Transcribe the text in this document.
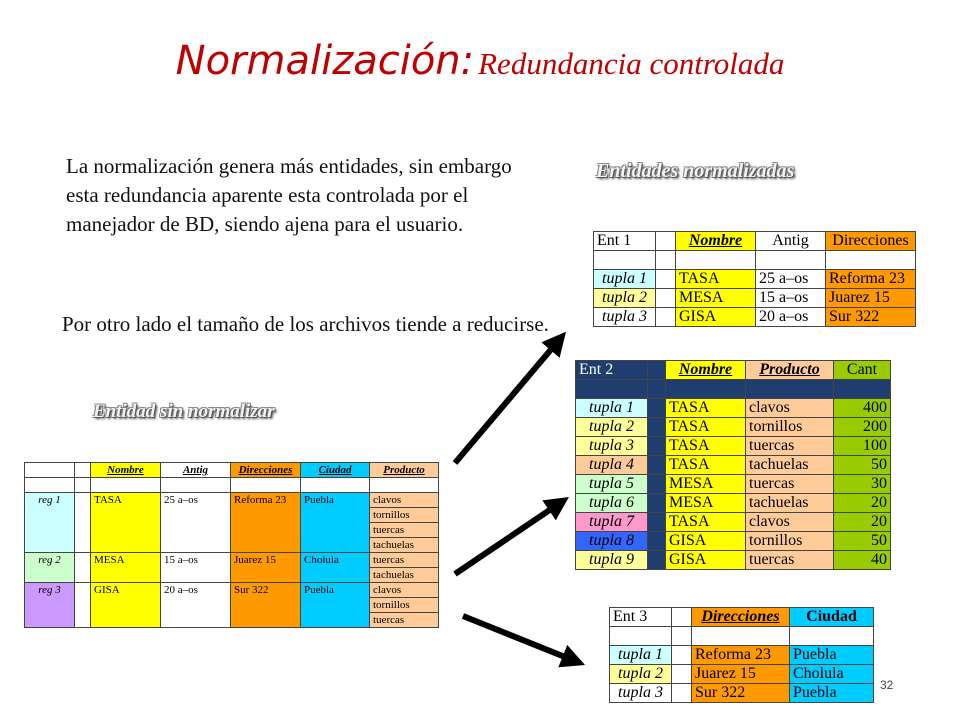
Normalización: Redundancia controlada
La normalización genera más entidades, sin embargo esta redundancia aparente esta controlada por el manejador de BD, siendo ajena para el usuario.
Por otro lado el tamaño de los archivos tiende a reducirse.
Entidades normalizadas
Entidad sin normalizar
		Nombre	Antig	Direcciones	Ciudad	Producto

reg 1		TASA	25 a–os	Reforma 23	Puebla	clavos
						tornillos
						tuercas
						tachuelas
reg 2		MESA	15 a–os	Juarez 15	Cholula	tuercas
						tachuelas
reg 3		GISA	20 a–os	Sur 322	Puebla	clavos
						tornillos
						tuercas
Ent 1		Nombre	Antig	Direcciones

tupla 1		TASA	25 a–os	Reforma 23
tupla 2		MESA	15 a–os	Juarez 15
tupla 3		GISA	20 a–os	Sur 322
Ent 2		Nombre	Producto	Cant

tupla 1		TASA	clavos	400
tupla 2		TASA	tornillos	200
tupla 3		TASA	tuercas	100
tupla 4		TASA	tachuelas	50
tupla 5		MESA	tuercas	30
tupla 6		MESA	tachuelas	20
tupla 7		TASA	clavos	20
tupla 8		GISA	tornillos	50
tupla 9		GISA	tuercas	40
Ent 3		Direcciones	Ciudad

tupla 1		Reforma 23	Puebla
tupla 2		Juarez 15	Cholula
tupla 3		Sur 322	Puebla	32
